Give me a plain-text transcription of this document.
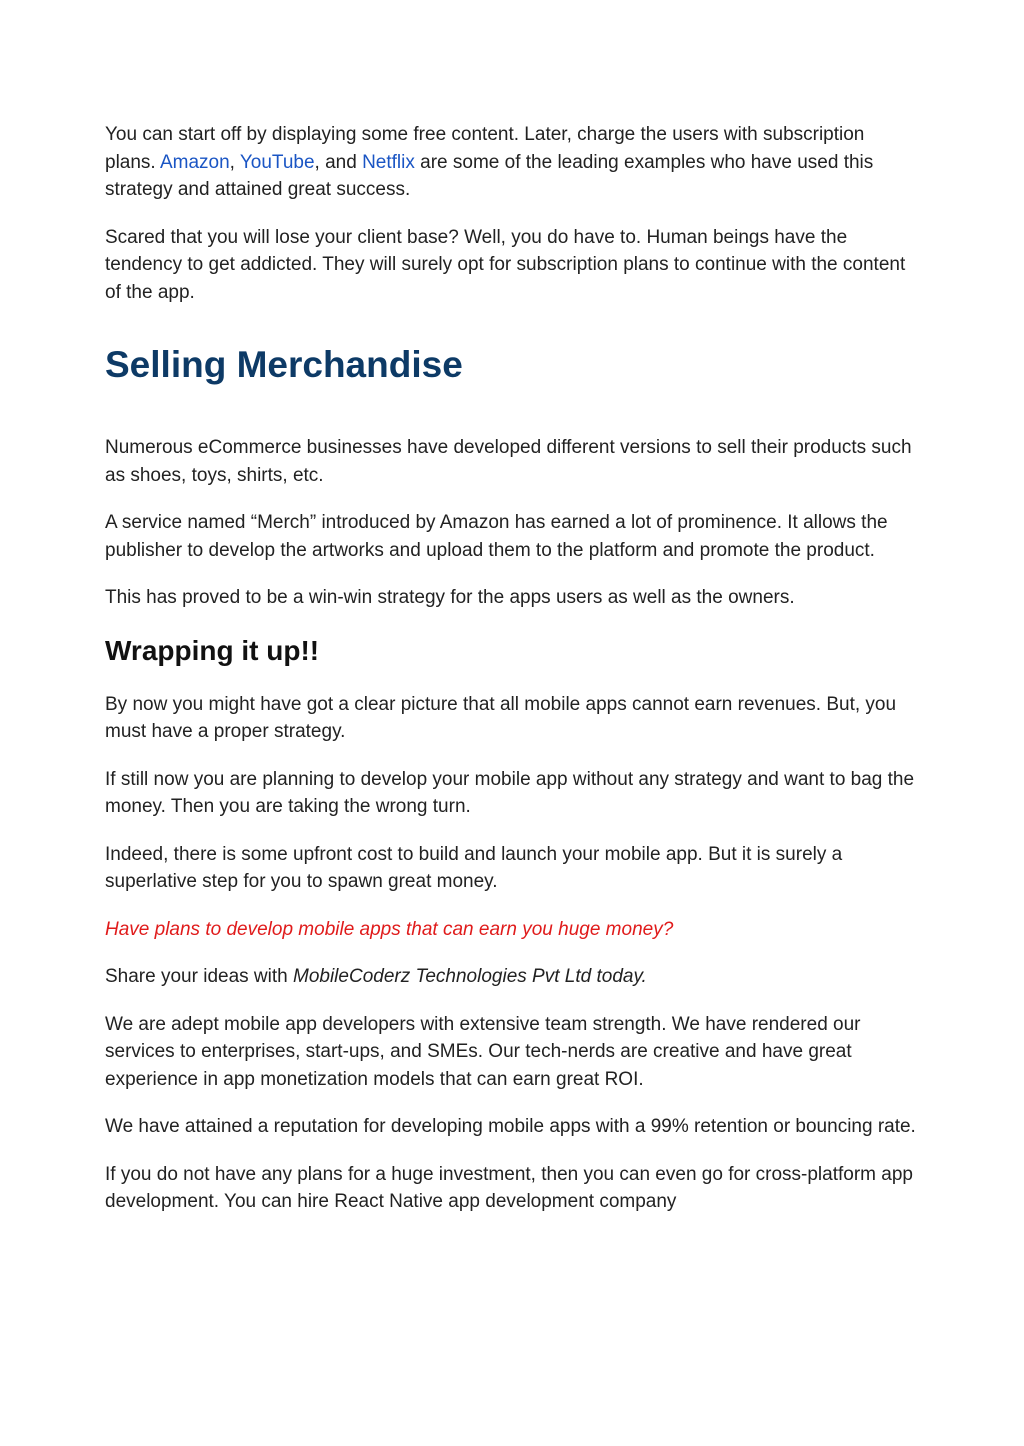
You can start off by displaying some free content. Later, charge the users with subscription plans. Amazon, YouTube, and Netflix are some of the leading examples who have used this strategy and attained great success.

Scared that you will lose your client base? Well, you do have to. Human beings have the tendency to get addicted. They will surely opt for subscription plans to continue with the content of the app.

Selling Merchandise

Numerous eCommerce businesses have developed different versions to sell their products such as shoes, toys, shirts, etc.

A service named “Merch” introduced by Amazon has earned a lot of prominence. It allows the publisher to develop the artworks and upload them to the platform and promote the product.

This has proved to be a win-win strategy for the apps users as well as the owners.

Wrapping it up!!

By now you might have got a clear picture that all mobile apps cannot earn revenues. But, you must have a proper strategy.

If still now you are planning to develop your mobile app without any strategy and want to bag the money. Then you are taking the wrong turn.

Indeed, there is some upfront cost to build and launch your mobile app. But it is surely a superlative step for you to spawn great money.

Have plans to develop mobile apps that can earn you huge money?

Share your ideas with MobileCoderz Technologies Pvt Ltd today.

We are adept mobile app developers with extensive team strength. We have rendered our services to enterprises, start-ups, and SMEs. Our tech-nerds are creative and have great experience in app monetization models that can earn great ROI.

We have attained a reputation for developing mobile apps with a 99% retention or bouncing rate.

If you do not have any plans for a huge investment, then you can even go for cross-platform app development. You can hire React Native app development company
